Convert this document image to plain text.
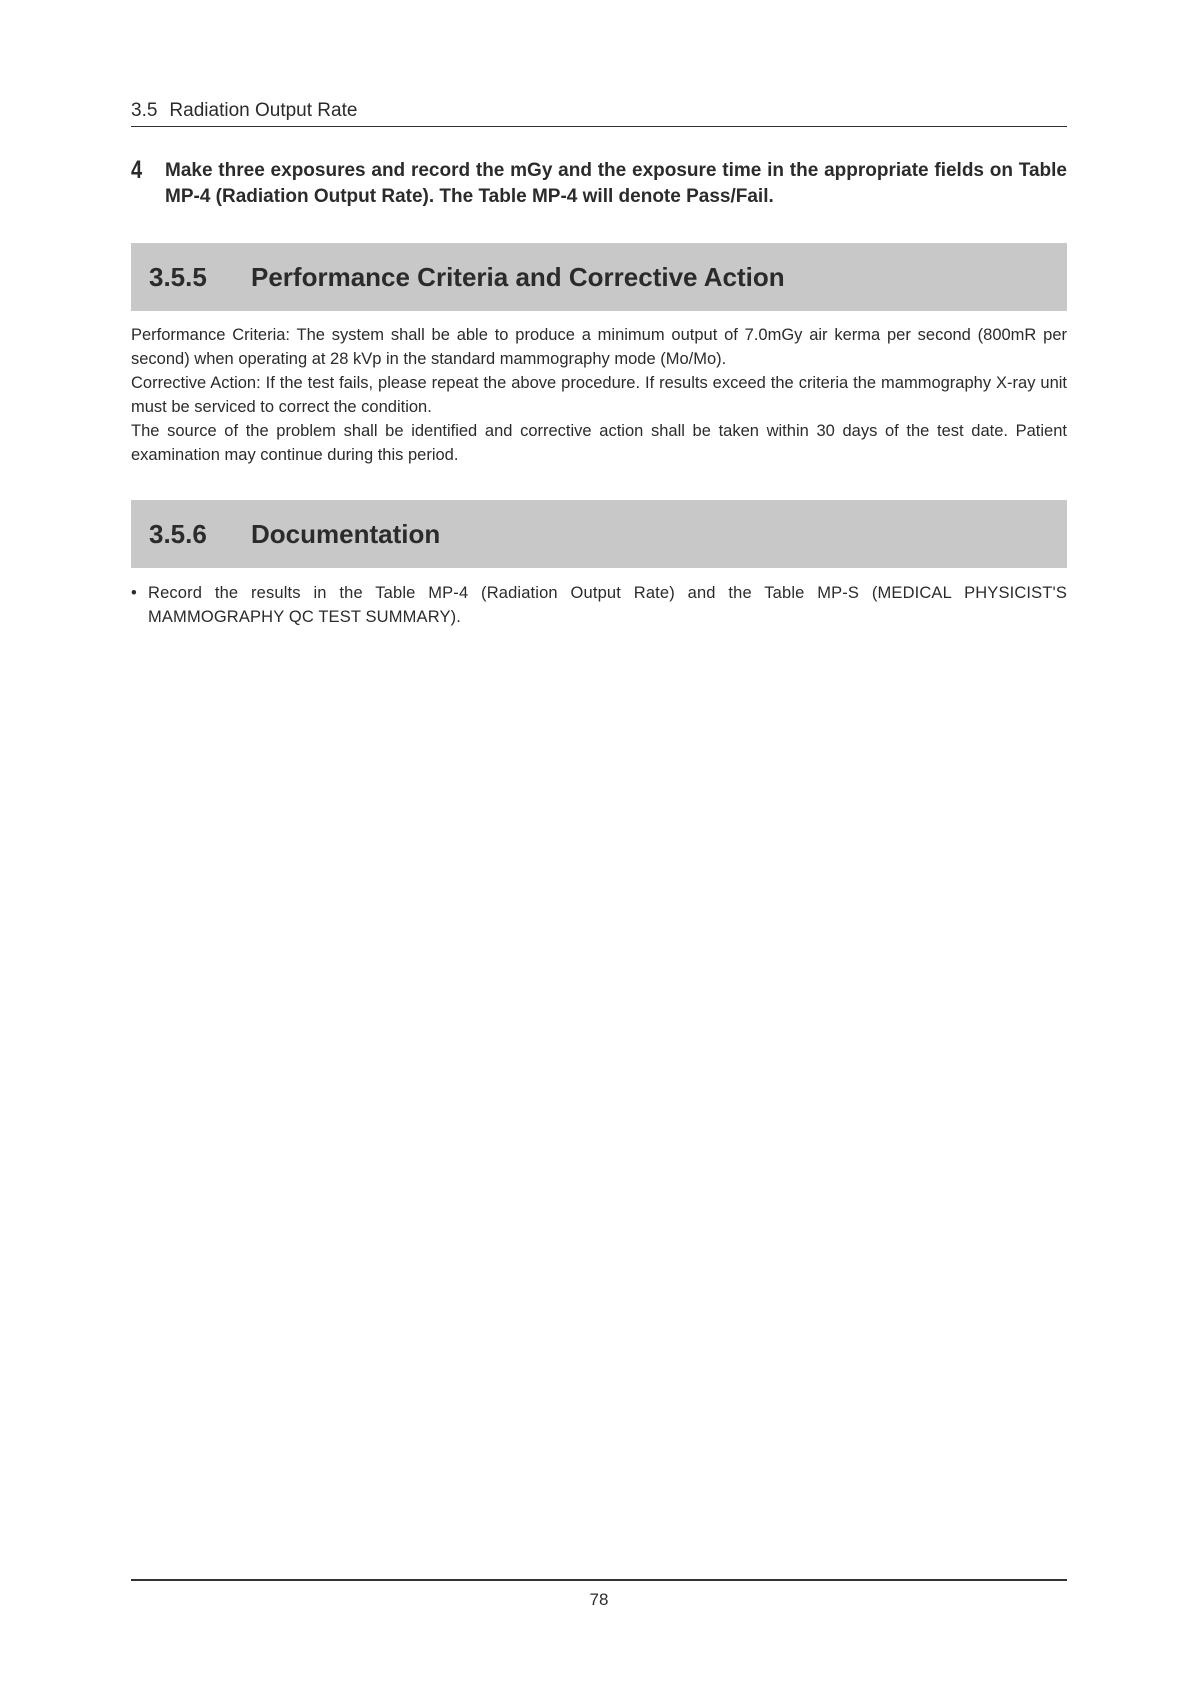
3.5 Radiation Output Rate
4 Make three exposures and record the mGy and the exposure time in the appropriate fields on Table MP-4 (Radiation Output Rate). The Table MP-4 will denote Pass/Fail.
3.5.5 Performance Criteria and Corrective Action

Performance Criteria: The system shall be able to produce a minimum output of 7.0mGy air kerma per second (800mR per second) when operating at 28 kVp in the standard mammography mode (Mo/Mo).

Corrective Action: If the test fails, please repeat the above procedure. If results exceed the criteria the mammography X-ray unit must be serviced to correct the condition.

The source of the problem shall be identified and corrective action shall be taken within 30 days of the test date. Patient examination may continue during this period.

3.5.6 Documentation
• Record the results in the Table MP-4 (Radiation Output Rate) and the Table MP-S (MEDICAL PHYSICIST'S MAMMOGRAPHY QC TEST SUMMARY).
78
